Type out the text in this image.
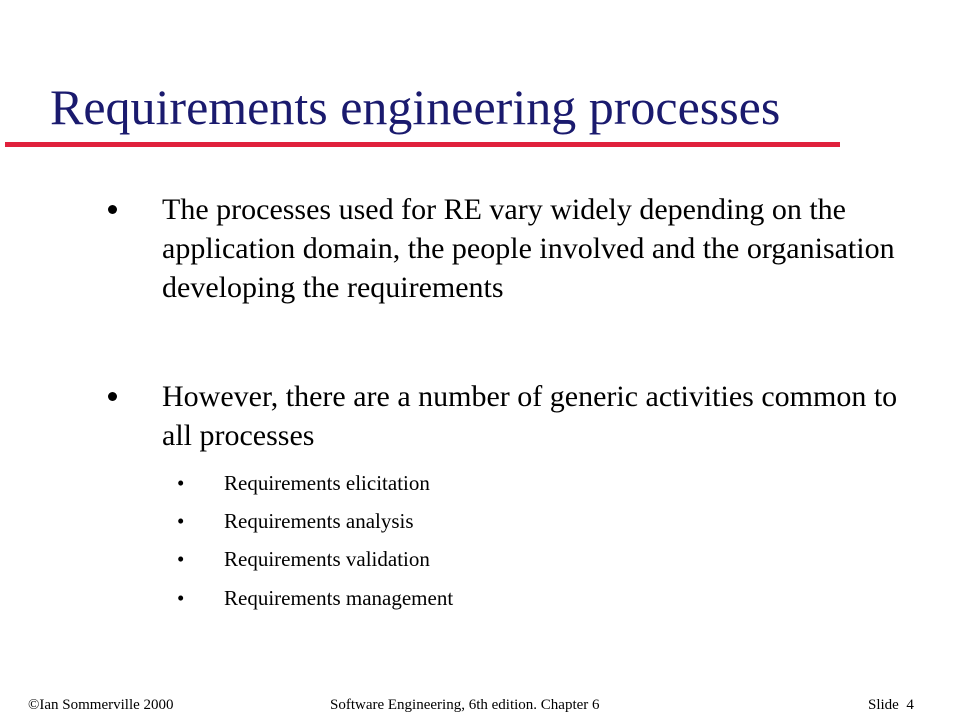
Requirements engineering processes
The processes used for RE vary widely depending on the application domain, the people involved and the organisation developing the requirements
However, there are a number of generic activities common to all processes
• Requirements elicitation
• Requirements analysis
• Requirements validation
• Requirements management
©Ian Sommerville 2000	Software Engineering, 6th edition. Chapter 6	Slide  4
